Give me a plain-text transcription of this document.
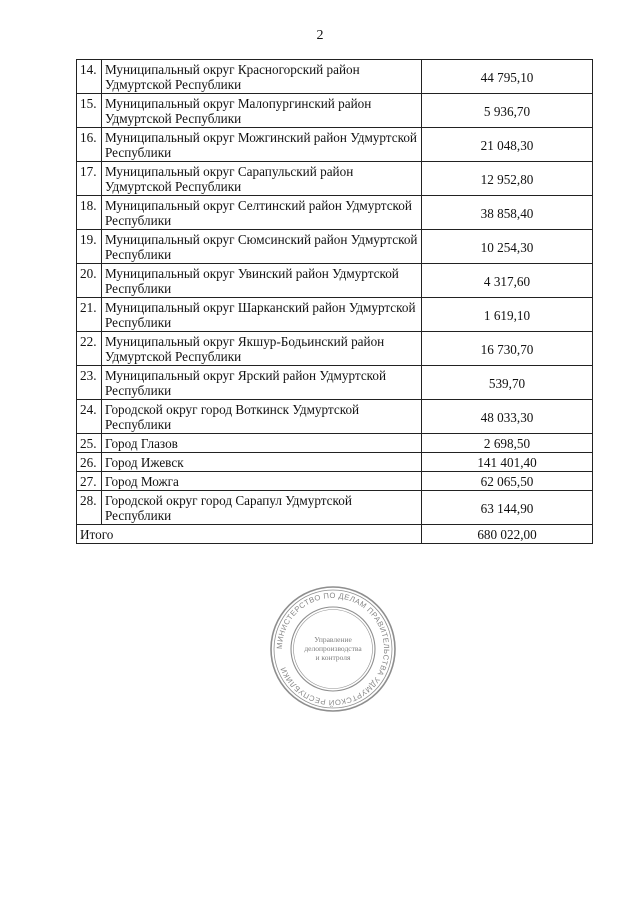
2
14.	Муниципальный округ Красногорский район Удмуртской Республики	44 795,10
15.	Муниципальный округ Малопургинский район Удмуртской Республики	5 936,70
16.	Муниципальный округ Можгинский район Удмуртской Республики	21 048,30
17.	Муниципальный округ Сарапульский район Удмуртской Республики	12 952,80
18.	Муниципальный округ Селтинский район Удмуртской Республики	38 858,40
19.	Муниципальный округ Сюмсинский район Удмуртской Республики	10 254,30
20.	Муниципальный округ Увинский район Удмуртской Республики	4 317,60
21.	Муниципальный округ Шарканский район Удмуртской Республики	1 619,10
22.	Муниципальный округ Якшур-Бодьинский район Удмуртской Республики	16 730,70
23.	Муниципальный округ Ярский район Удмуртской Республики	539,70
24.	Городской округ город Воткинск Удмуртской Республики	48 033,30
25.	Город Глазов	2 698,50
26.	Город Ижевск	141 401,40
27.	Город Можга	62 065,50
28.	Городской округ город Сарапул Удмуртской Республики	63 144,90
Итого		680 022,00
МИНИСТЕРСТВО ПО ДЕЛАМ ПРАВИТЕЛЬСТВА УДМУРТСКОЙ РЕСПУБЛИКИ
Управление
делопроизводства
и контроля
